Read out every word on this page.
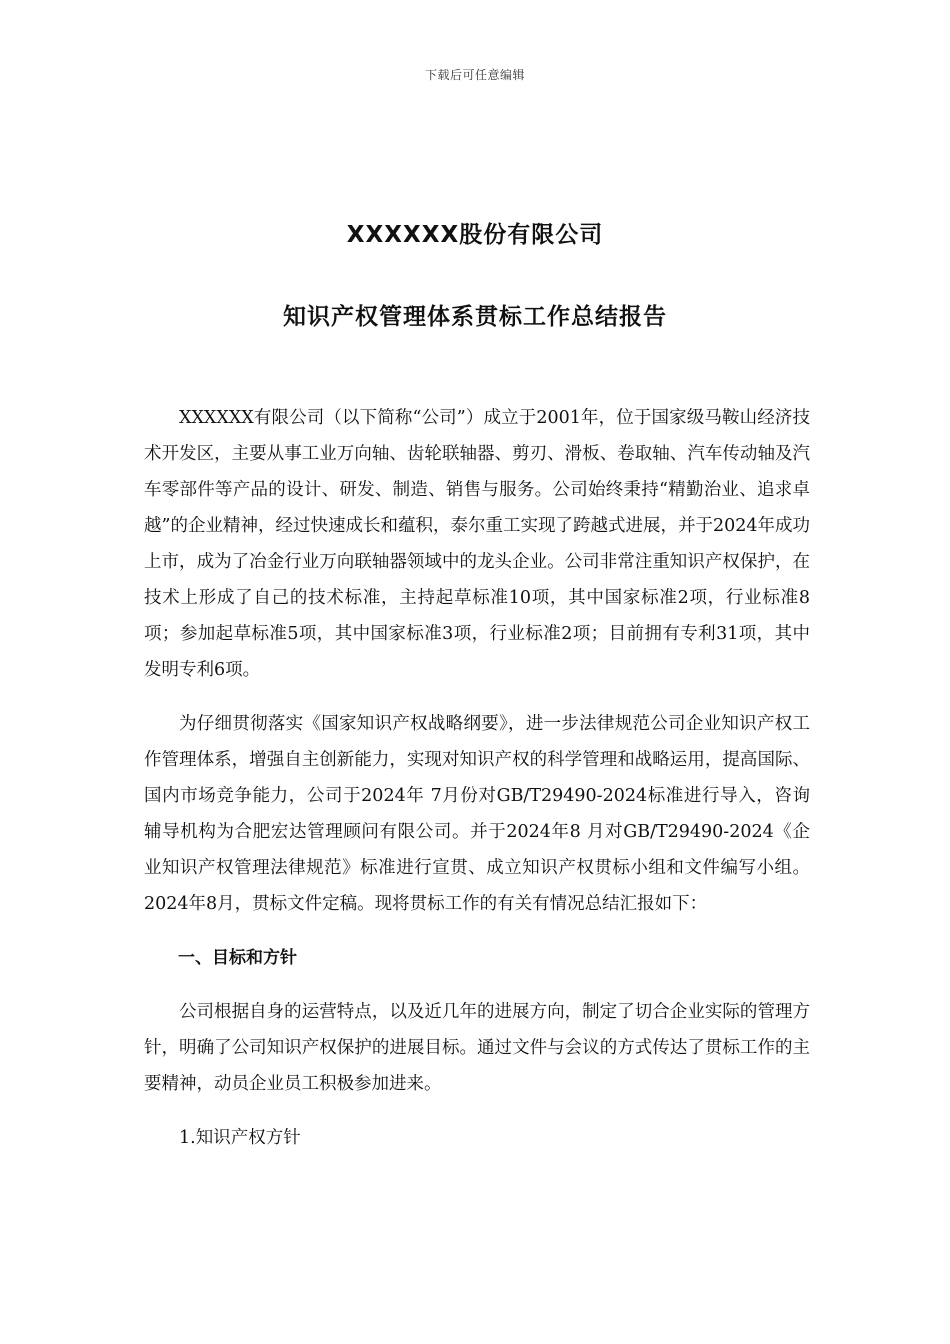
下载后可任意编辑
XXXXXX股份有限公司
知识产权管理体系贯标工作总结报告

XXXXXX有限公司（以下简称“公司”）成立于2001年，位于国家级马鞍山经济技术开发区，主要从事工业万向轴、齿轮联轴器、剪刃、滑板、卷取轴、汽车传动轴及汽车零部件等产品的设计、研发、制造、销售与服务。公司始终秉持“精勤治业、追求卓越”的企业精神，经过快速成长和蕴积，泰尔重工实现了跨越式进展，并于2024年成功上市，成为了冶金行业万向联轴器领域中的龙头企业。公司非常注重知识产权保护，在技术上形成了自己的技术标准，主持起草标准10项，其中国家标准2项，行业标准8项；参加起草标准5项，其中国家标准3项，行业标准2项；目前拥有专利31项，其中发明专利6项。

为仔细贯彻落实《国家知识产权战略纲要》，进一步法律规范公司企业知识产权工作管理体系，增强自主创新能力，实现对知识产权的科学管理和战略运用，提高国际、国内市场竞争能力，公司于2024年 7月份对GB/T29490-2024标准进行导入，咨询辅导机构为合肥宏达管理顾问有限公司。并于2024年8 月对GB/T29490-2024《企业知识产权管理法律规范》标准进行宣贯、成立知识产权贯标小组和文件编写小组。2024年8月，贯标文件定稿。现将贯标工作的有关有情况总结汇报如下：

一、目标和方针

公司根据自身的运营特点，以及近几年的进展方向，制定了切合企业实际的管理方针，明确了公司知识产权保护的进展目标。通过文件与会议的方式传达了贯标工作的主要精神，动员企业员工积极参加进来。

1.知识产权方针
